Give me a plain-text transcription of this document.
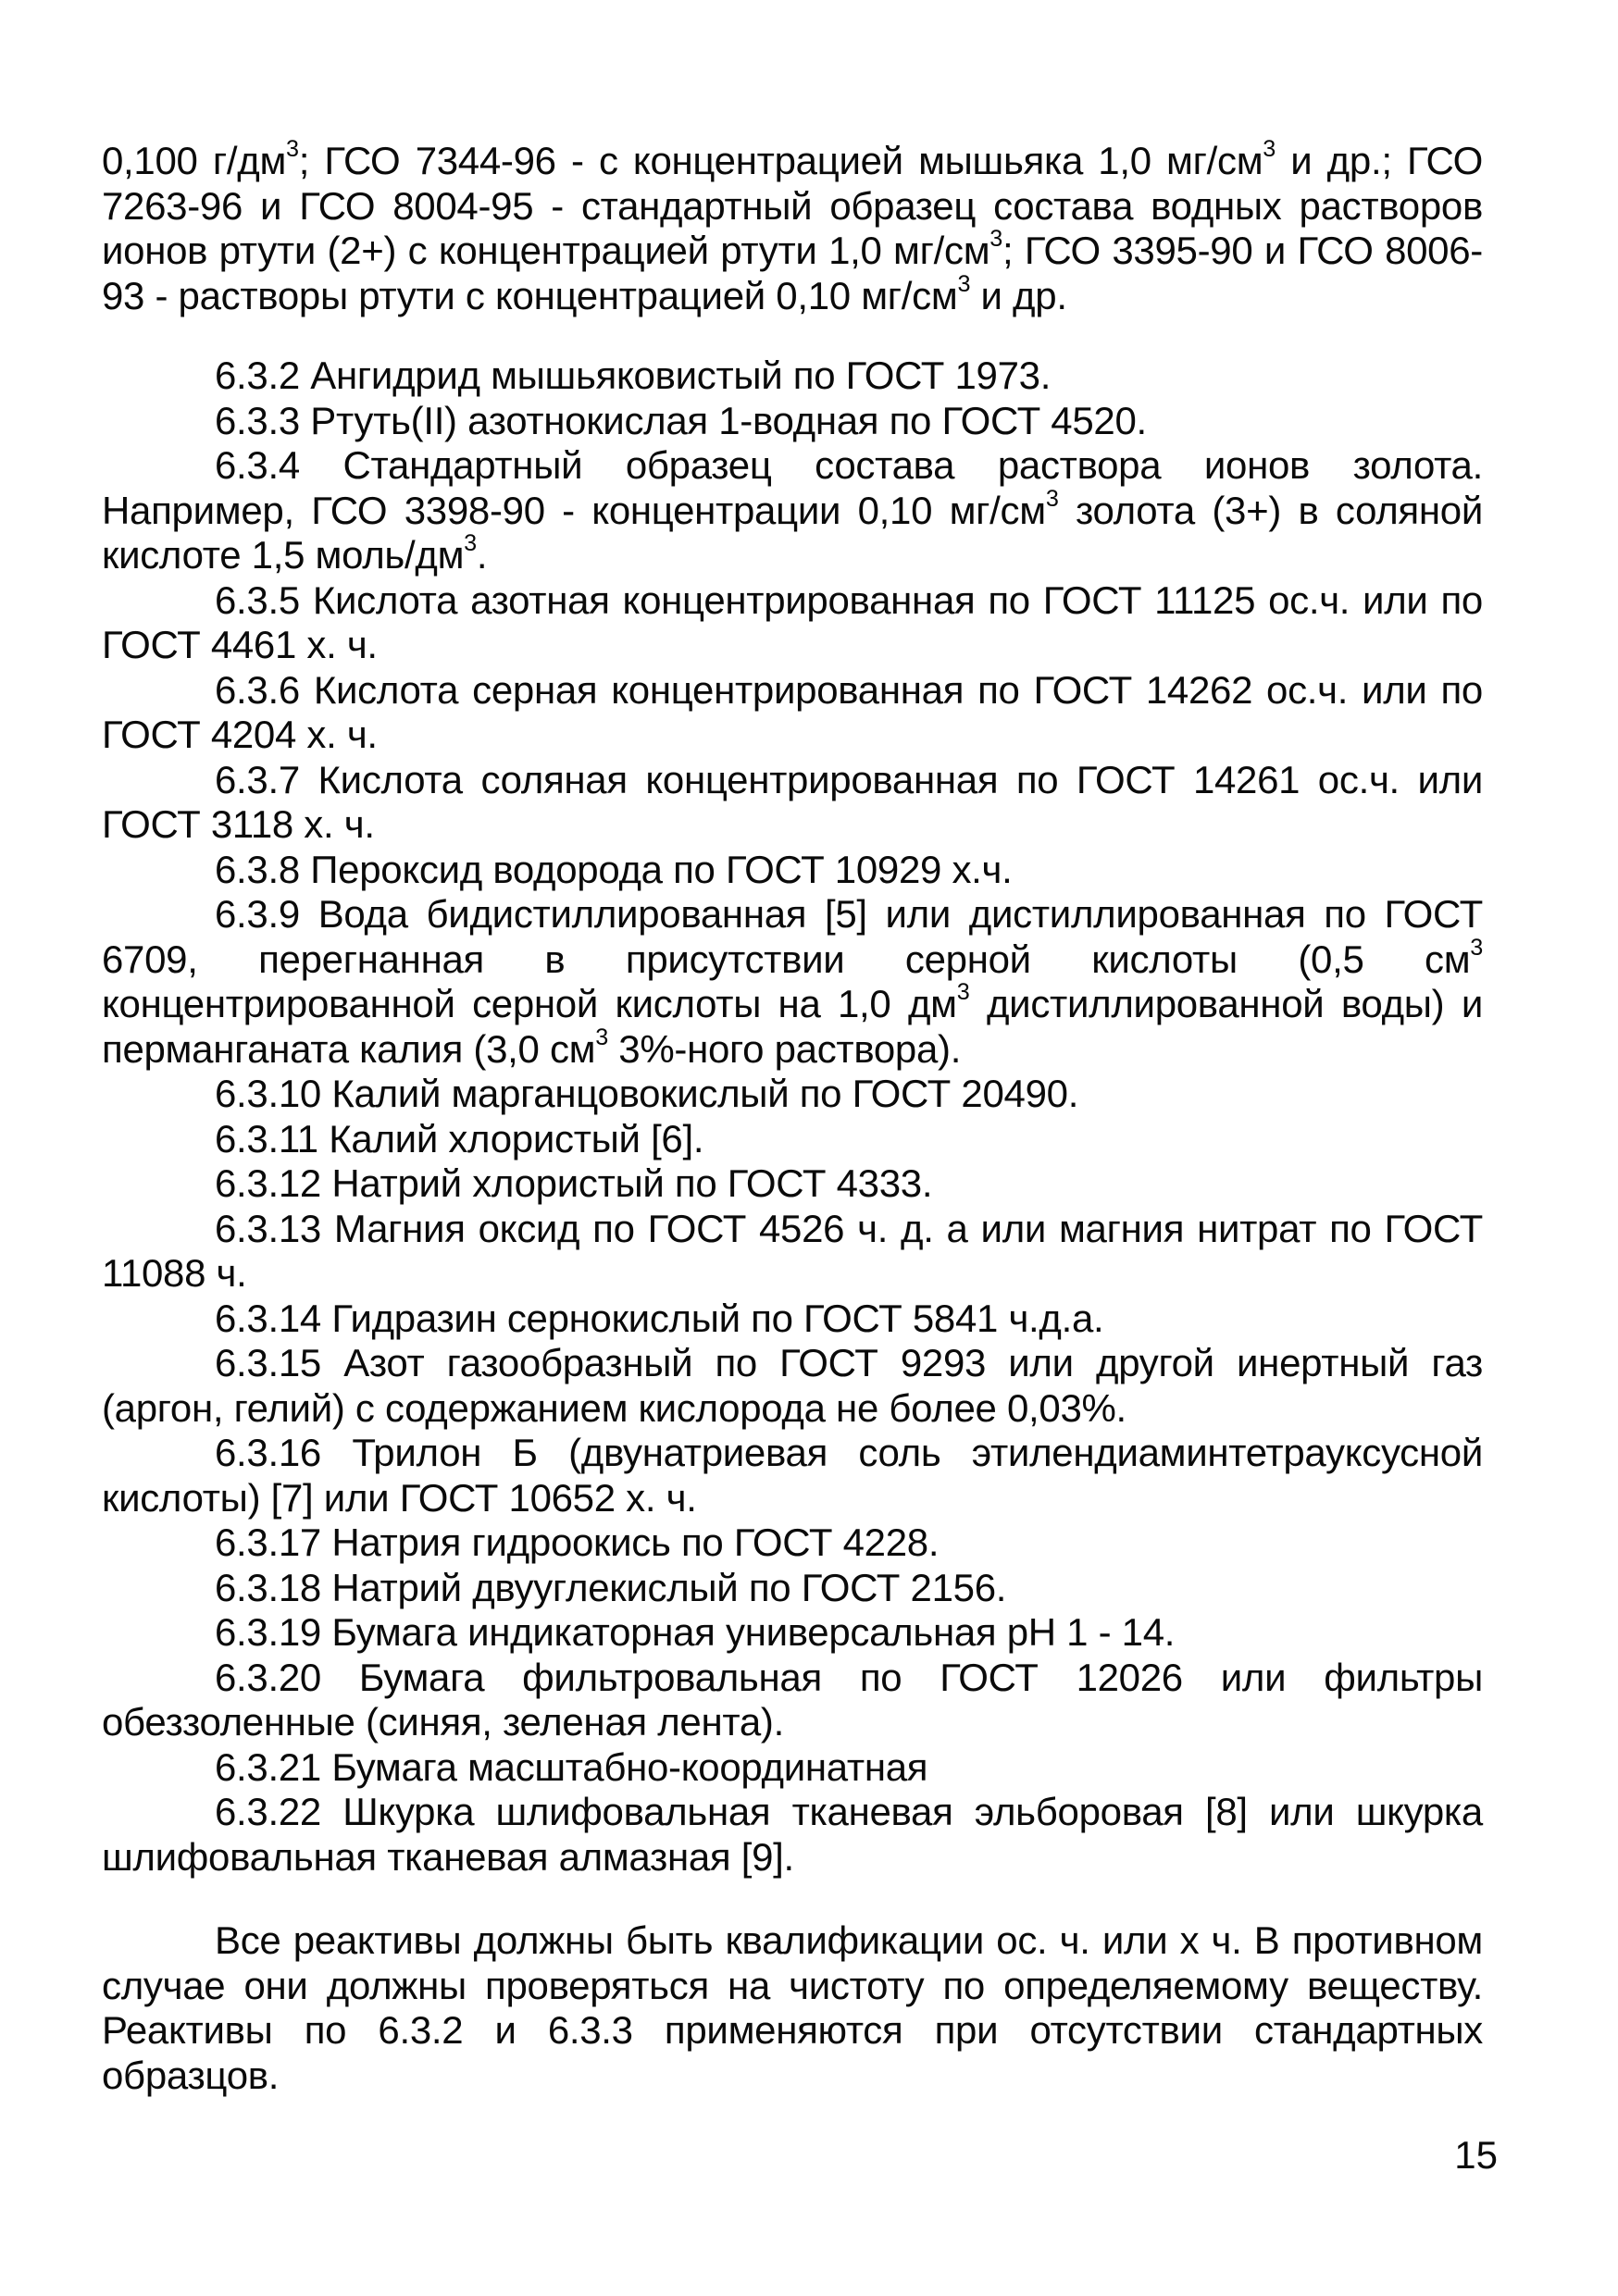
0,100 $г/дм^3$; ГСО 7344-96 - с концентрацией мышьяка 1,0 $мг/см^3$ и др.; ГСО 7263-96 и ГСО 8004-95 - стандартный образец состава водных растворов ионов ртути (2+) с концентрацией ртути 1,0 $мг/см^3$; ГСО 3395-90 и ГСО 8006-93 - растворы ртути с концентрацией 0,10 $мг/см^3$ и др.

6.3.2 Ангидрид мышьяковистый по ГОСТ 1973.

6.3.3 Ртуть(II) азотнокислая 1-водная по ГОСТ 4520.

6.3.4 Стандартный образец состава раствора ионов золота. Например, ГСО 3398-90 - концентрации 0,10 $мг/см^3$ золота (3+) в соляной кислоте 1,5 моль/$дм^3$.

6.3.5 Кислота азотная концентрированная по ГОСТ 11125 ос.ч. или по ГОСТ 4461 х. ч.

6.3.6 Кислота серная концентрированная по ГОСТ 14262 ос.ч. или по ГОСТ 4204 х. ч.

6.3.7 Кислота соляная концентрированная по ГОСТ 14261 ос.ч. или ГОСТ 3118 х. ч.

6.3.8 Пероксид водорода по ГОСТ 10929 х.ч.

6.3.9 Вода бидистиллированная [5] или дистиллированная по ГОСТ 6709, перегнанная в присутствии серной кислоты (0,5 $см^3$ концентрированной серной кислоты на 1,0 $дм^3$ дистиллированной воды) и перманганата калия (3,0 $см^3$ 3%-ного раствора).

6.3.10 Калий марганцовокислый по ГОСТ 20490.

6.3.11 Калий хлористый [6].

6.3.12 Натрий хлористый по ГОСТ 4333.

6.3.13 Магния оксид по ГОСТ 4526 ч. д. а или магния нитрат по ГОСТ 11088 ч.

6.3.14 Гидразин сернокислый по ГОСТ 5841 ч.д.а.

6.3.15 Азот газообразный по ГОСТ 9293 или другой инертный газ (аргон, гелий) с содержанием кислорода не более 0,03%.

6.3.16 Трилон Б (двунатриевая соль этилендиаминтетрауксусной кислоты) [7] или ГОСТ 10652 х. ч.

6.3.17 Натрия гидроокись по ГОСТ 4228.

6.3.18 Натрий двууглекислый по ГОСТ 2156.

6.3.19 Бумага индикаторная универсальная pH 1 - 14.

6.3.20 Бумага фильтровальная по ГОСТ 12026 или фильтры обеззоленные (синяя, зеленая лента).

6.3.21 Бумага масштабно-координатная

6.3.22 Шкурка шлифовальная тканевая эльборовая [8] или шкурка шлифовальная тканевая алмазная [9].

Все реактивы должны быть квалификации ос. ч. или х ч. В противном случае они должны проверяться на чистоту по определяемому веществу. Реактивы по 6.3.2 и 6.3.3 применяются при отсутствии стандартных образцов.

15
